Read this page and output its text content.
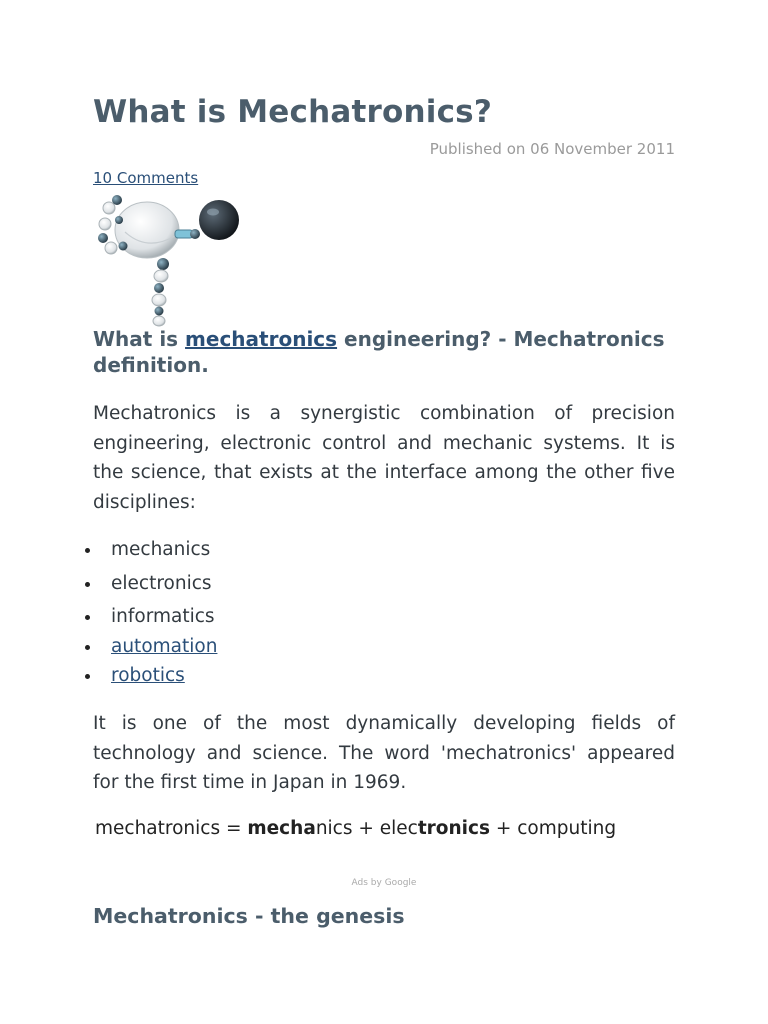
What is Mechatronics?
Published on 06 November 2011
10 Comments
What is mechatronics engineering? - Mechatronics definition.

Mechatronics is a synergistic combination of precision engineering, electronic control and mechanic systems. It is the science, that exists at the interface among the other five disciplines:

mechanics
electronics
informatics
automation
robotics

It is one of the most dynamically developing fields of technology and science. The word 'mechatronics' appeared for the first time in Japan in 1969.

mechatronics = mechanics + electronics + computing
Ads by Google
Mechatronics - the genesis
